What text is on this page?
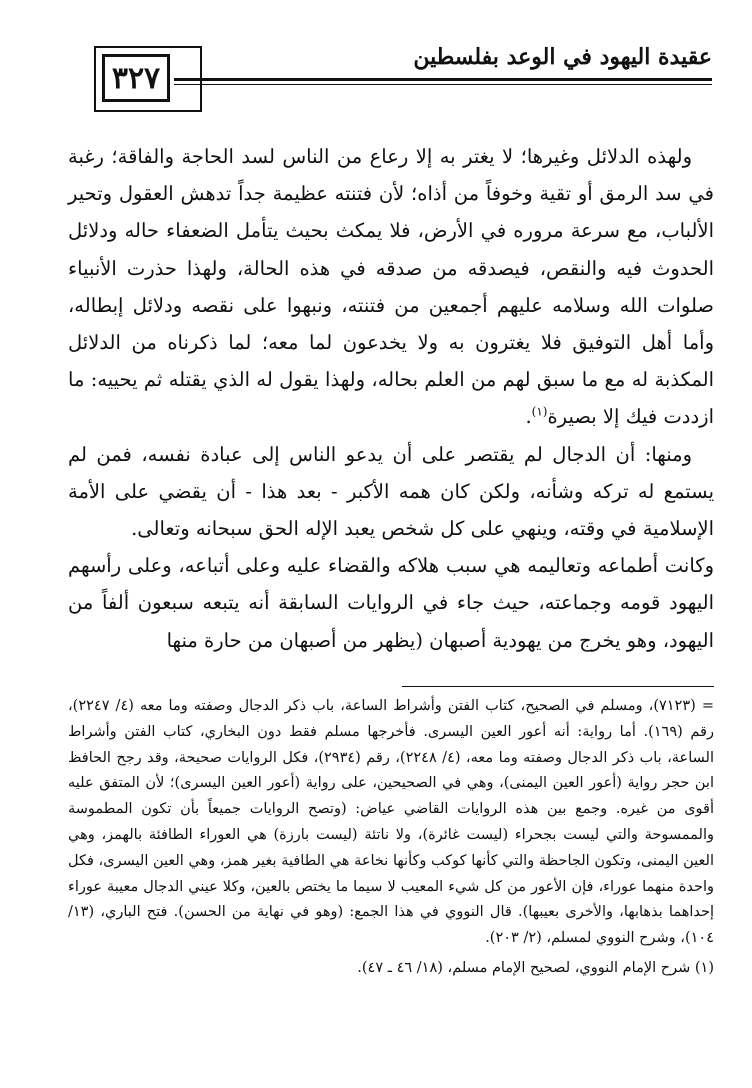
٣٢٧
عقيدة اليهود في الوعد بفلسطين

ولهذه الدلائل وغيرها؛ لا يغتر به إلا رعاع من الناس لسد الحاجة والفاقة؛ رغبة في سد الرمق أو تقية وخوفاً من أذاه؛ لأن فتنته عظيمة جداً تدهش العقول وتحير الألباب، مع سرعة مروره في الأرض، فلا يمكث بحيث يتأمل الضعفاء حاله ودلائل الحدوث فيه والنقص، فيصدقه من صدقه في هذه الحالة، ولهذا حذرت الأنبياء صلوات الله وسلامه عليهم أجمعين من فتنته، ونبهوا على نقصه ودلائل إبطاله، وأما أهل التوفيق فلا يغترون به ولا يخدعون لما معه؛ لما ذكرناه من الدلائل المكذبة له مع ما سبق لهم من العلم بحاله، ولهذا يقول له الذي يقتله ثم يحييه: ما ازددت فيك إلا بصيرة$^{(١)}$.

ومنها: أن الدجال لم يقتصر على أن يدعو الناس إلى عبادة نفسه، فمن لم يستمع له تركه وشأنه، ولكن كان همه الأكبر - بعد هذا - أن يقضي على الأمة الإسلامية في وقته، وينهي على كل شخص يعبد الإله الحق سبحانه وتعالى.

وكانت أطماعه وتعاليمه هي سبب هلاكه والقضاء عليه وعلى أتباعه، وعلى رأسهم اليهود قومه وجماعته، حيث جاء في الروايات السابقة أنه يتبعه سبعون ألفاً من اليهود، وهو يخرج من يهودية أصبهان (يظهر من أصبهان من حارة منها

= (٧١٢٣)، ومسلم في الصحيح، كتاب الفتن وأشراط الساعة، باب ذكر الدجال وصفته وما معه (٤/ ٢٢٤٧)، رقم (١٦٩). أما رواية: أنه أعور العين اليسرى. فأخرجها مسلم فقط دون البخاري، كتاب الفتن وأشراط الساعة، باب ذكر الدجال وصفته وما معه، (٤/ ٢٢٤٨)، رقم (٢٩٣٤)، فكل الروايات صحيحة، وقد رجح الحافظ ابن حجر رواية (أعور العين اليمنى)، وهي في الصحيحين، على رواية (أعور العين اليسرى)؛ لأن المتفق عليه أقوى من غيره. وجمع بين هذه الروايات القاضي عياض: (وتصح الروايات جميعاً بأن تكون المطموسة والممسوحة والتي ليست بجحراء (ليست غائرة)، ولا ناتئة (ليست بارزة) هي العوراء الطافئة بالهمز، وهي العين اليمنى، وتكون الجاحظة والتي كأنها كوكب وكأنها نخاعة هي الطافية بغير همز، وهي العين اليسرى، فكل واحدة منهما عوراء، فإن الأعور من كل شيء المعيب لا سيما ما يختص بالعين، وكلا عيني الدجال معيبة عوراء إحداهما بذهابها، والأخرى بعيبها). قال النووي في هذا الجمع: (وهو في نهاية من الحسن). فتح الباري، (١٣/ ١٠٤)، وشرح النووي لمسلم، (٢/ ٢٠٣).

(١) شرح الإمام النووي، لصحيح الإمام مسلم، (١٨/ ٤٦ ـ ٤٧).
